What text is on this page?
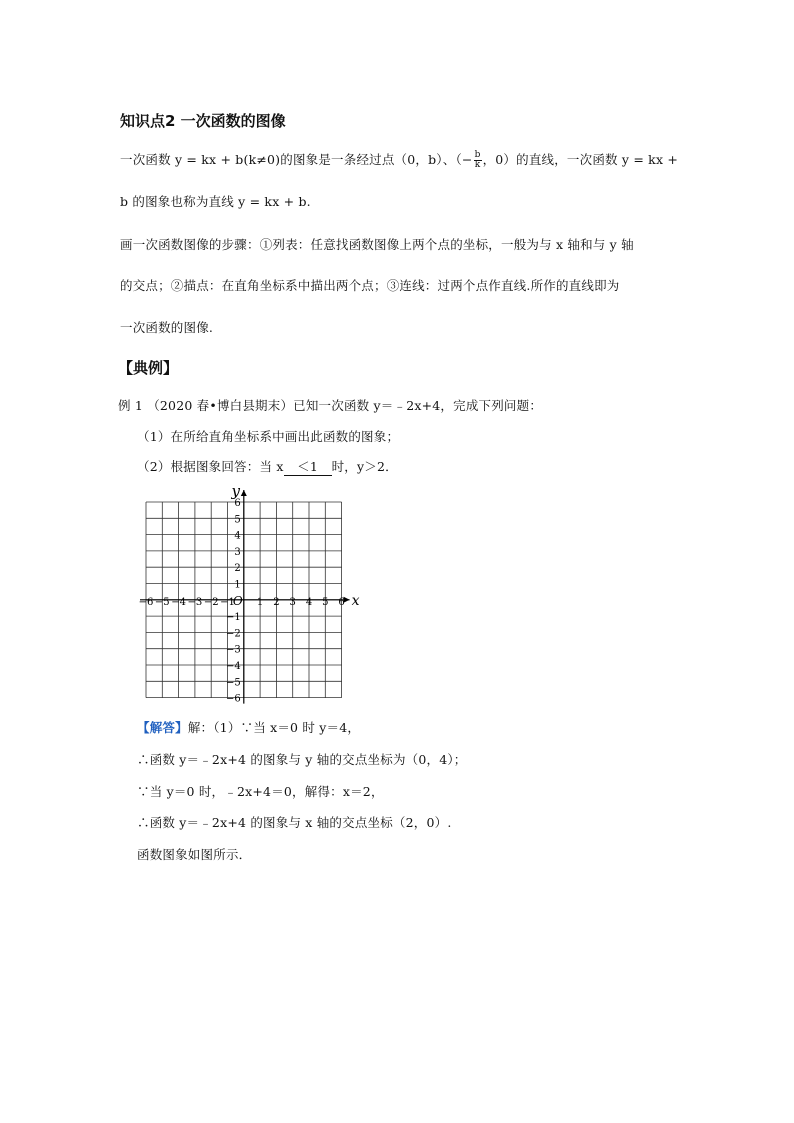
知识点2 一次函数的图像
一次函数 y = kx + b(k≠0)的图象是一条经过点（0，b）、（− $\frac{b}{k}$ ，0）的直线，一次函数 y = kx +
b 的图象也称为直线 y = kx + b.
画一次函数图像的步骤：①列表：任意找函数图像上两个点的坐标，一般为与 x 轴和与 y 轴
的交点；②描点：在直角坐标系中描出两个点；③连线：过两个点作直线.所作的直线即为
一次函数的图像.
【典例】
例 1 （2020 春•博白县期末）已知一次函数 y＝﹣2x+4，完成下列问题：
（1）在所给直角坐标系中画出此函数的图象；
（2）根据图象回答：当 x ＜1 时，y＞2．
−6 −5 −4 −3 −2 −1 1 2 3 4 5 6
6
5
4
3
2
1
−1
−2
−3
−4
−5
−6
O	x
y
【解答】解：（1）∵当 x＝0 时 y＝4，
∴函数 y＝﹣2x+4 的图象与 y 轴的交点坐标为（0，4）；
∵当 y＝0 时，﹣2x+4＝0，解得：x＝2，
∴函数 y＝﹣2x+4 的图象与 x 轴的交点坐标（2，0）.
函数图象如图所示．
